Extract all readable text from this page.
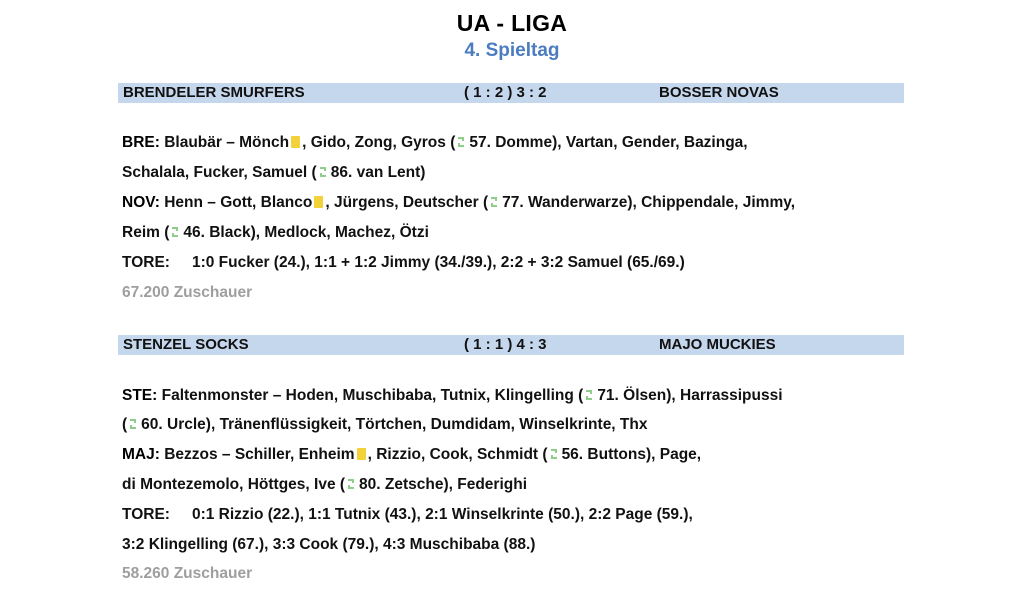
UA - LIGA
4. Spieltag
BRENDELER SMURFERS	( 1 : 2 ) 3 : 2	BOSSER NOVAS
BRE: Blaubär – Mönch , Gido, Zong, Gyros ( 57. Domme), Vartan, Gender, Bazinga,
Schalala, Fucker, Samuel ( 86. van Lent)
NOV: Henn – Gott, Blanco , Jürgens, Deutscher ( 77. Wanderwarze), Chippendale, Jimmy,
Reim ( 46. Black), Medlock, Machez, Ötzi
TORE: 1:0 Fucker (24.), 1:1 + 1:2 Jimmy (34./39.), 2:2 + 3:2 Samuel (65./69.)
67.200 Zuschauer
STENZEL SOCKS	( 1 : 1 ) 4 : 3	MAJO MUCKIES
STE: Faltenmonster – Hoden, Muschibaba, Tutnix, Klingelling ( 71. Ölsen), Harrassipussi
( 60. Urcle), Tränenflüssigkeit, Törtchen, Dumdidam, Winselkrinte, Thx
MAJ: Bezzos – Schiller, Enheim , Rizzio, Cook, Schmidt ( 56. Buttons), Page,
di Montezemolo, Höttges, Ive ( 80. Zetsche), Federighi
TORE: 0:1 Rizzio (22.), 1:1 Tutnix (43.), 2:1 Winselkrinte (50.), 2:2 Page (59.),
3:2 Klingelling (67.), 3:3 Cook (79.), 4:3 Muschibaba (88.)
58.260 Zuschauer
